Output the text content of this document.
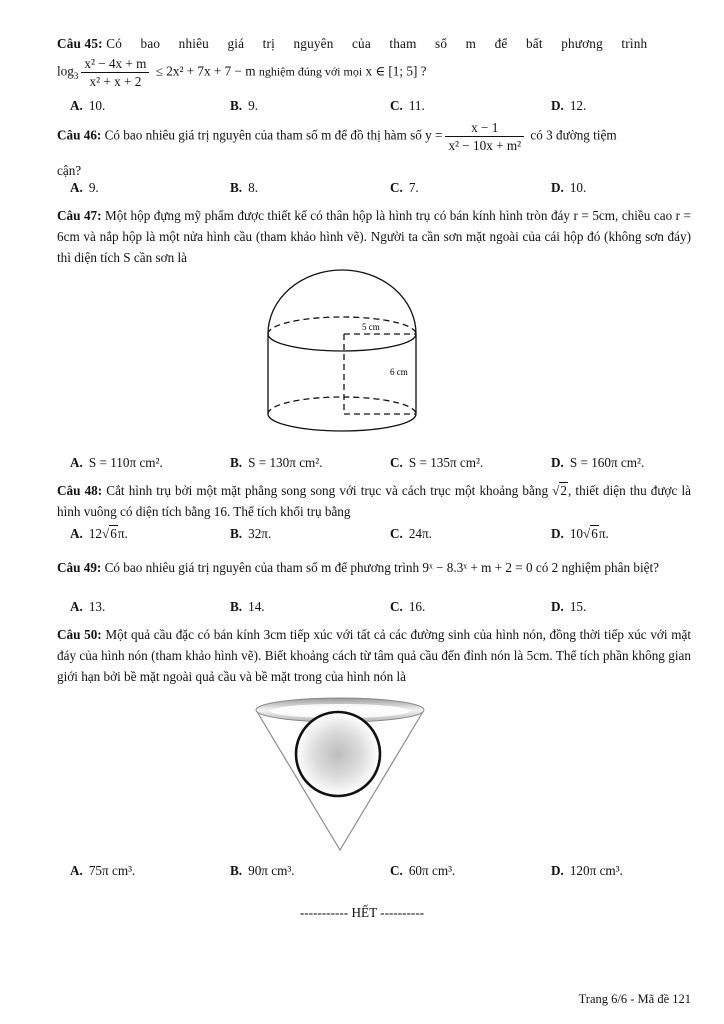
Câu 45: Có bao nhiêu giá trị nguyên của tham số m để bất phương trình
$\log_3 \frac{\text{x² − 4x + m}}{\text{x² + x + 2}} \le 2x^2 + 7x + 7 - m$ nghiệm đúng với mọi x ∈ [1; 5] ?
A. 10.	B. 9.	C. 11.	D. 12.
Câu 46: Có bao nhiêu giá trị nguyên của tham số m để đồ thị hàm số $y = \frac{x - 1}{\text{x² − 10x + m²}}$ có 3 đường tiệm
cận?
A. 9.	B. 8.	C. 7.	D. 10.
Câu 47: Một hộp đựng mỹ phẩm được thiết kế có thân hộp là hình trụ có bán kính hình tròn đáy r = 5cm, chiều cao r = 6cm và nắp hộp là một nửa hình cầu (tham khảo hình vẽ). Người ta cần sơn mặt ngoài của cái hộp đó (không sơn đáy) thì diện tích S cần sơn là
5 cm
6 cm
A. S = 110π cm².	B. S = 130π cm².	C. S = 135π cm².	D. S = 160π cm².
Câu 48: Cắt hình trụ bởi một mặt phẳng song song với trục và cách trục một khoảng bằng √2, thiết diện thu được là hình vuông có diện tích bằng 16. Thể tích khối trụ bằng
A. 12√6π.	B. 32π.	C. 24π.	D. 10√6π.
Câu 49: Có bao nhiêu giá trị nguyên của tham số m để phương trình 9ˣ − 8.3ˣ + m + 2 = 0 có 2 nghiệm phân biệt?
A. 13.	B. 14.	C. 16.	D. 15.
Câu 50: Một quả cầu đặc có bán kính 3cm tiếp xúc với tất cả các đường sinh của hình nón, đồng thời tiếp xúc với mặt đáy của hình nón (tham khảo hình vẽ). Biết khoảng cách từ tâm quả cầu đến đỉnh nón là 5cm. Thể tích phần không gian giới hạn bởi bề mặt ngoài quả cầu và bề mặt trong của hình nón là
A. 75π cm³.	B. 90π cm³.	C. 60π cm³.	D. 120π cm³.
----------- HẾT ----------
Trang 6/6 - Mã đề 121
